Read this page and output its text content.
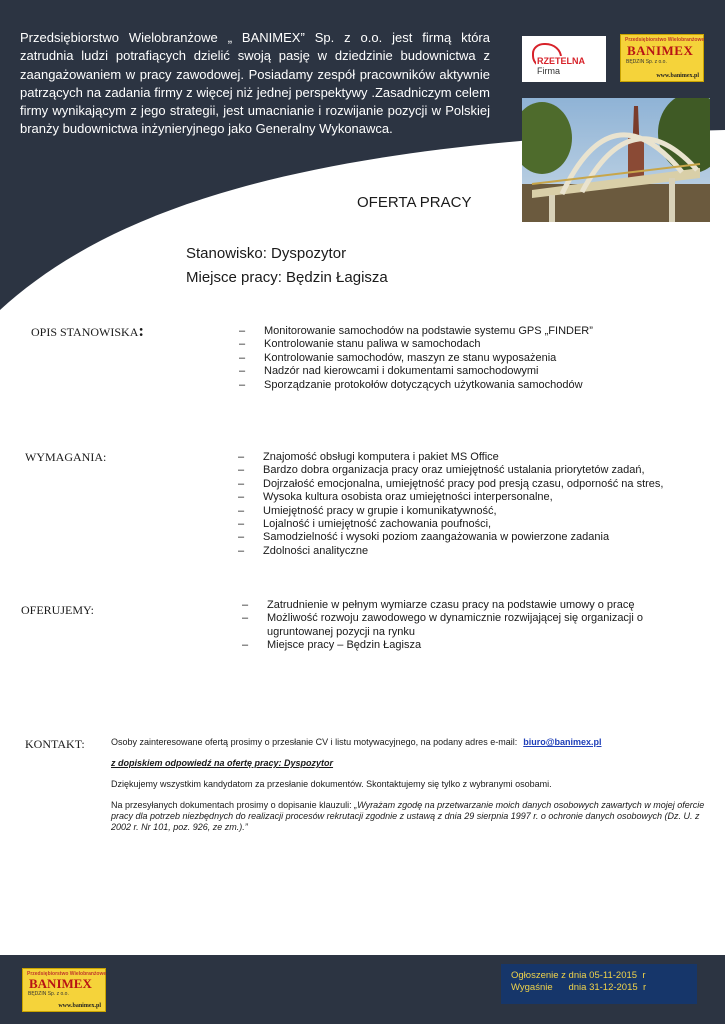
Przedsiębiorstwo Wielobranżowe „ BANIMEX” Sp. z o.o. jest firmą która zatrudnia ludzi potrafiących dzielić swoją pasję w dziedzinie budownictwa z zaangażowaniem w pracy zawodowej. Posiadamy zespół pracowników aktywnie patrzących na zadania firmy z więcej niż jednej perspektywy .Zasadniczym celem firmy wynikającym z jego strategii, jest umacnianie i rozwijanie pozycji w Polskiej branży budownictwa inżynieryjnego jako Generalny Wykonawca.
RZETELNA Firma
Przedsiębiorstwo Wielobranżowe
BANIMEX
BĘDZIN Sp. z o.o.
www.banimex.pl
OFERTA PRACY
Stanowisko: Dyspozytor
Miejsce pracy: Będzin Łagisza
OPIS STANOWISKA:	– Monitorowanie samochodów na podstawie systemu GPS „FINDER”
– Kontrolowanie stanu paliwa w samochodach
– Kontrolowanie samochodów, maszyn ze stanu wyposażenia
– Nadzór nad kierowcami i dokumentami samochodowymi
– Sporządzanie protokołów dotyczących użytkowania samochodów
WYMAGANIA:	– Znajomość obsługi komputera i pakiet MS Office
– Bardzo dobra organizacja pracy oraz umiejętność ustalania priorytetów zadań,
– Dojrzałość emocjonalna, umiejętność pracy pod presją czasu, odporność na stres,
– Wysoka kultura osobista oraz umiejętności interpersonalne,
– Umiejętność pracy w grupie i komunikatywność,
– Lojalność i umiejętność zachowania poufności,
– Samodzielność i wysoki poziom zaangażowania w powierzone zadania
– Zdolności analityczne
OFERUJEMY:	– Zatrudnienie w pełnym wymiarze czasu pracy na podstawie umowy o pracę
– Możliwość rozwoju zawodowego w dynamicznie rozwijającej się organizacji o ugruntowanej pozycji na rynku
– Miejsce pracy – Będzin Łagisza
KONTAKT:	Osoby zainteresowane ofertą prosimy o przesłanie CV i listu motywacyjnego, na podany adres e-mail: biuro@banimex.pl

z dopiskiem odpowiedź na ofertę pracy: Dyspozytor

Dziękujemy wszystkim kandydatom za przesłanie dokumentów. Skontaktujemy się tylko z wybranymi osobami.

Na przesyłanych dokumentach prosimy o dopisanie klauzuli: „Wyrażam zgodę na przetwarzanie moich danych osobowych zawartych w mojej ofercie pracy dla potrzeb niezbędnych do realizacji procesów rekrutacji zgodnie z ustawą z dnia 29 sierpnia 1997 r. o ochronie danych osobowych (Dz. U. z 2002 r. Nr 101, poz. 926, ze zm.).”

Przedsiębiorstwo Wielobranżowe
BANIMEX
BĘDZIN Sp. z o.o.
www.banimex.pl
Ogłoszenie z dnia 05-11-2015  r
Wygaśnie      dnia 31-12-2015  r
